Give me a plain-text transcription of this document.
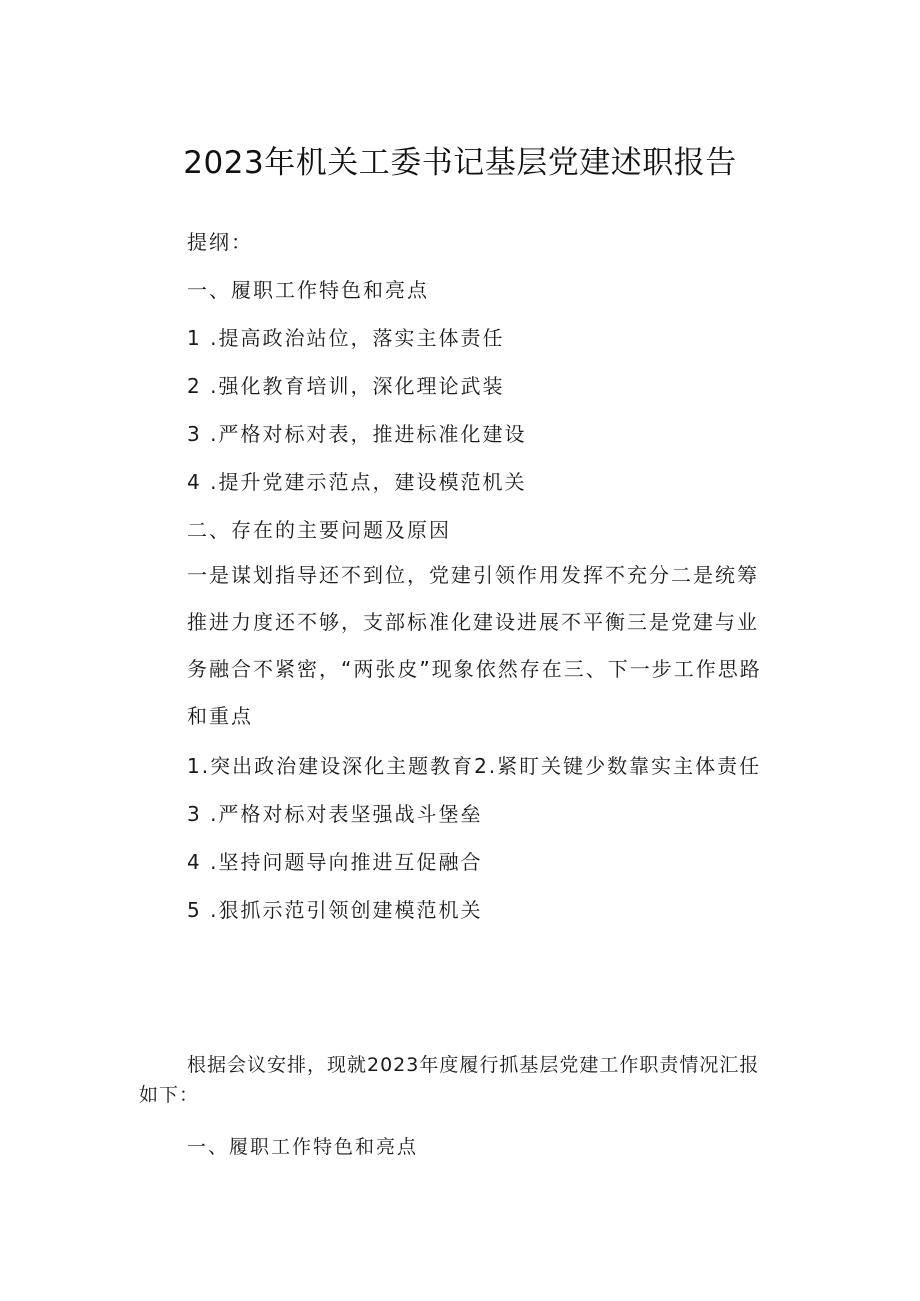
2023年机关工委书记基层党建述职报告
提纲：
一、履职工作特色和亮点
1 .提高政治站位，落实主体责任
2 .强化教育培训，深化理论武装
3 .严格对标对表，推进标准化建设
4 .提升党建示范点，建设模范机关
二、存在的主要问题及原因
一是谋划指导还不到位，党建引领作用发挥不充分二是统筹推进力度还不够，支部标准化建设进展不平衡三是党建与业务融合不紧密，“两张皮”现象依然存在三、下一步工作思路和重点
1.突出政治建设深化主题教育2.紧盯关键少数靠实主体责任
3 .严格对标对表坚强战斗堡垒
4 .坚持问题导向推进互促融合
5 .狠抓示范引领创建模范机关

根据会议安排，现就2023年度履行抓基层党建工作职责情况汇报如下：

一、履职工作特色和亮点
